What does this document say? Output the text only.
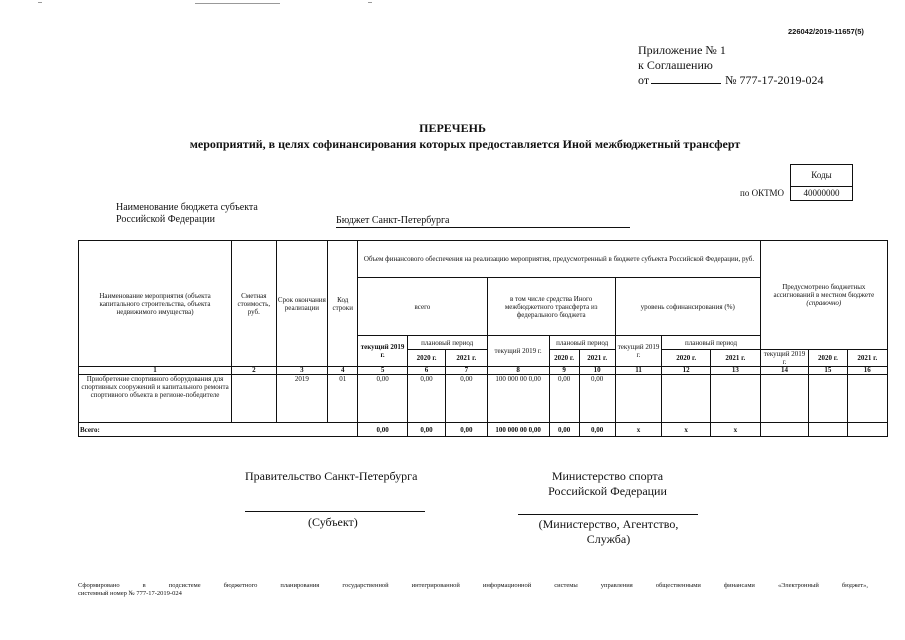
226042/2019-11657(5)
Приложение № 1
к Соглашению
от	№ 777-17-2019-024
ПЕРЕЧЕНЬ
мероприятий, в целях софинансирования которых предоставляется Иной межбюджетный трансферт
Коды
по ОКТМО	40000000
Наименование бюджета субъекта
Российской Федерации	Бюджет Санкт-Петербурга
Наименование мероприятия (объекта капитального строительства, объекта недвижимого имущества)	Сметная стоимость, руб.	Срок окончания реализации	Код строки	Объем финансового обеспечения на реализацию мероприятия, предусмотренный в бюджете субъекта Российской Федерации, руб.									Предусмотрено бюджетных ассигнований в местном бюджете
(справочно)		

				всего			в том числе средства Иного межбюджетного трансферта из федерального бюджета			уровень софинансирования (%)					
				текущий 2019 г.	плановый период		текущий 2019 г.	плановый период		текущий 2019 г.	плановый период				
					2020 г.	2021 г.		2020 г.	2021 г.		2020 г.	2021 г.	текущий 2019 г.	2020 г.	2021 г.
1	2	3	4	5	6	7	8	9	10	11	12	13	14	15	16
Приобретение спортивного оборудования для спортивных сооружений и капитального ремонта спортивного объекта в регионе-победителе		2019	01	0,00	0,00	0,00	100 000 00 0,00	0,00	0,00						
Всего:				0,00	0,00	0,00	100 000 00 0,00	0,00	0,00	x	x	x			
Правительство Санкт-Петербурга
(Субъект)
Министерство спорта
Российской Федерации
(Министерство, Агентство,
Служба)
Сформировано в подсистеме бюджетного планирования государственной интегрированной информационной системы управления общественными финансами «Электронный бюджет»,
системный номер № 777-17-2019-024
